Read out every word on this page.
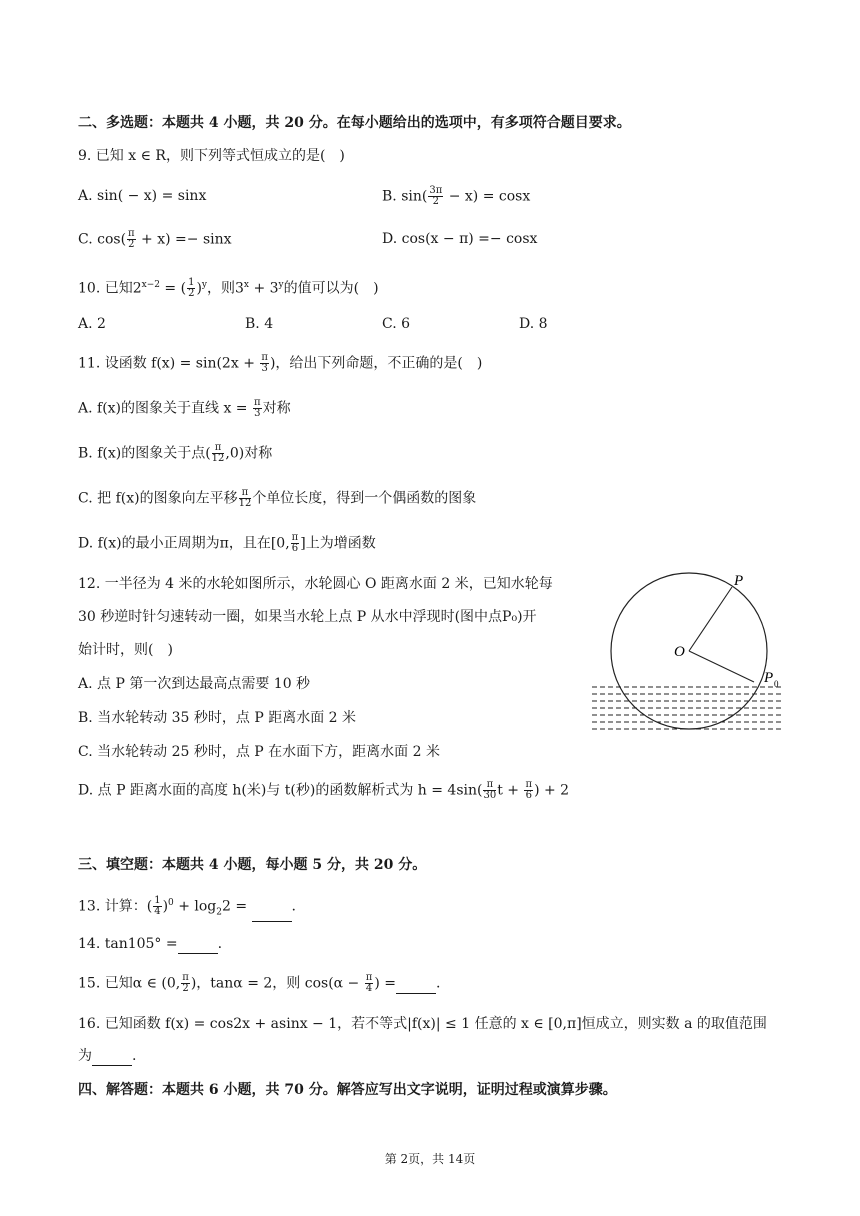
二、多选题：本题共 4 小题，共 20 分。在每小题给出的选项中，有多项符合题目要求。
9. 已知 x ∈ R，则下列等式恒成立的是(　)
A. sin( − x) = sinx	B. $\sin( \frac{3\pi}{2} - x) = \cos x$
C. $\cos( \frac{\pi}{2} + x) =- \sin x$	D. cos(x − π) =− cosx
10. 已知$2^{x-2}$ = ( $\frac{1}{2} )^y$，则$3^x + 3^y$的值可以为(　)
A. 2	B. 4	C. 6	D. 8
11. 设函数 $f(x) = \sin(2x + \frac{\pi}{3}$ )，给出下列命题，不正确的是(　)
A. f(x)的图象关于直线 $x = \frac{\pi}{3}$ 对称
B. f(x)的图象关于点( $\frac{\pi}{12} ,0$)对称
C. 把 f(x)的图象向左平移 $\frac{\pi}{12}$ 个单位长度，得到一个偶函数的图象
D. f(x)的最小正周期为π，且在[0, $\frac{\pi}{6}$ ]上为增函数
12. 一半径为 4 米的水轮如图所示，水轮圆心 O 距离水面 2 米，已知水轮每
30 秒逆时针匀速转动一圈，如果当水轮上点 P 从水中浮现时(图中点P₀)开
始计时，则(　)
A. 点 P 第一次到达最高点需要 10 秒
B. 当水轮转动 35 秒时，点 P 距离水面 2 米
C. 当水轮转动 25 秒时，点 P 在水面下方，距离水面 2 米
D. 点 P 距离水面的高度 h(米)与 t(秒)的函数解析式为 $h = 4\sin( \frac{\pi}{30}$ $t + \frac{\pi}{6}$ ) + 2
P
O
P 0
三、填空题：本题共 4 小题，每小题 5 分，共 20 分。
13. 计算：( $\frac{1}{4} )^0 + \log_22$ =	.
14. tan105° =	.
15. 已知α ∈ (0, $\frac{\pi}{2}$ )，tanα = 2，则 $\cos(\alpha - \frac{\pi}{4}$ ) =	.
16. 已知函数 f(x) = cos2x + asinx − 1，若不等式|f(x)| ≤ 1 任意的 x ∈ [0,π]恒成立，则实数 a 的取值范围
为	.
四、解答题：本题共 6 小题，共 70 分。解答应写出文字说明，证明过程或演算步骤。
第 2页，共 14页
